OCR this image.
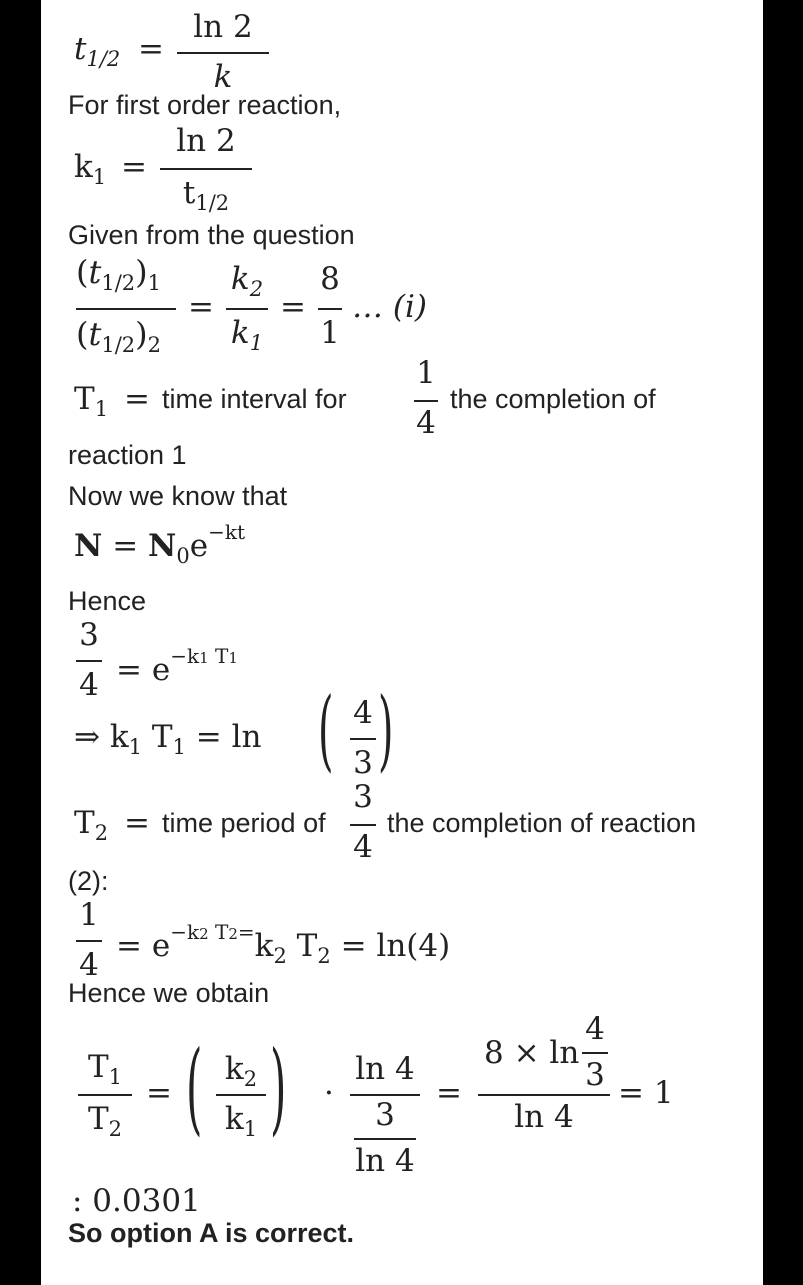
$t_{1/2}$ =
ln 2
k
For first order reaction,
$k_1$ =
ln 2
$t_{1/2}$
Given from the question
$(t_{1/2})_1$
$(t_{1/2})_2$
=
$k_2$
$k_1$
=
8
1
… (i)
$T_1$ = time interval for
1
4
the completion of
reaction 1
Now we know that
$N = N_0e^{-kt}$
Hence
3
$4 = e^{-k1 T1}$
⇒ $k_1$ $T_1 = \ln$ ( 4
3 )
$T_2$ = time period of
3
4
the completion of reaction
(2):
1
4
= $e^{-k2 T2=}k_2$ $T_2 = \ln(4)$
Hence we obtain
$T_1$
$T_2$
= ( $k_2$
$k_1$ ) ·
ln 4
3
ln 4
=
8 × ln
4
3
ln 4
= 1
: 0.0301
So option A is correct.
